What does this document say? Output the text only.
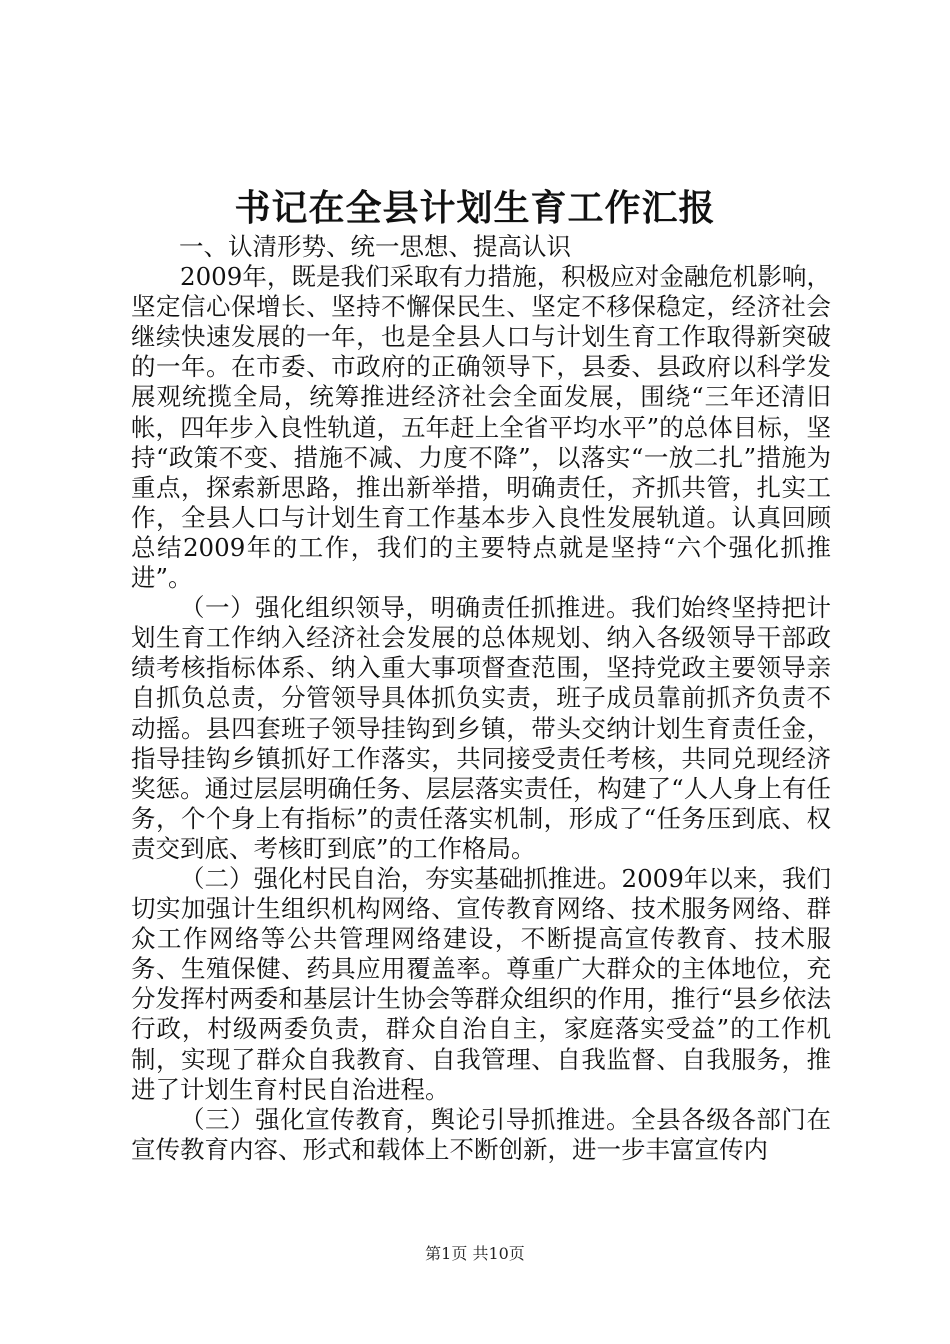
书记在全县计划生育工作汇报

一、认清形势、统一思想、提高认识

2009年，既是我们采取有力措施，积极应对金融危机影响，坚定信心保增长、坚持不懈保民生、坚定不移保稳定，经济社会继续快速发展的一年，也是全县人口与计划生育工作取得新突破的一年。在市委、市政府的正确领导下，县委、县政府以科学发展观统揽全局，统筹推进经济社会全面发展，围绕“三年还清旧帐，四年步入良性轨道，五年赶上全省平均水平”的总体目标，坚持“政策不变、措施不减、力度不降”，以落实“一放二扎”措施为重点，探索新思路，推出新举措，明确责任，齐抓共管，扎实工作，全县人口与计划生育工作基本步入良性发展轨道。认真回顾总结2009年的工作，我们的主要特点就是坚持“六个强化抓推进”。

（一）强化组织领导，明确责任抓推进。我们始终坚持把计划生育工作纳入经济社会发展的总体规划、纳入各级领导干部政绩考核指标体系、纳入重大事项督查范围，坚持党政主要领导亲自抓负总责，分管领导具体抓负实责，班子成员靠前抓齐负责不动摇。县四套班子领导挂钩到乡镇，带头交纳计划生育责任金，指导挂钩乡镇抓好工作落实，共同接受责任考核，共同兑现经济奖惩。通过层层明确任务、层层落实责任，构建了“人人身上有任务，个个身上有指标”的责任落实机制，形成了“任务压到底、权责交到底、考核盯到底”的工作格局。

（二）强化村民自治，夯实基础抓推进。2009年以来，我们切实加强计生组织机构网络、宣传教育网络、技术服务网络、群众工作网络等公共管理网络建设，不断提高宣传教育、技术服务、生殖保健、药具应用覆盖率。尊重广大群众的主体地位，充分发挥村两委和基层计生协会等群众组织的作用，推行“县乡依法行政，村级两委负责，群众自治自主，家庭落实受益”的工作机制，实现了群众自我教育、自我管理、自我监督、自我服务，推进了计划生育村民自治进程。

（三）强化宣传教育，舆论引导抓推进。全县各级各部门在宣传教育内容、形式和载体上不断创新，进一步丰富宣传内

第1页 共10页
